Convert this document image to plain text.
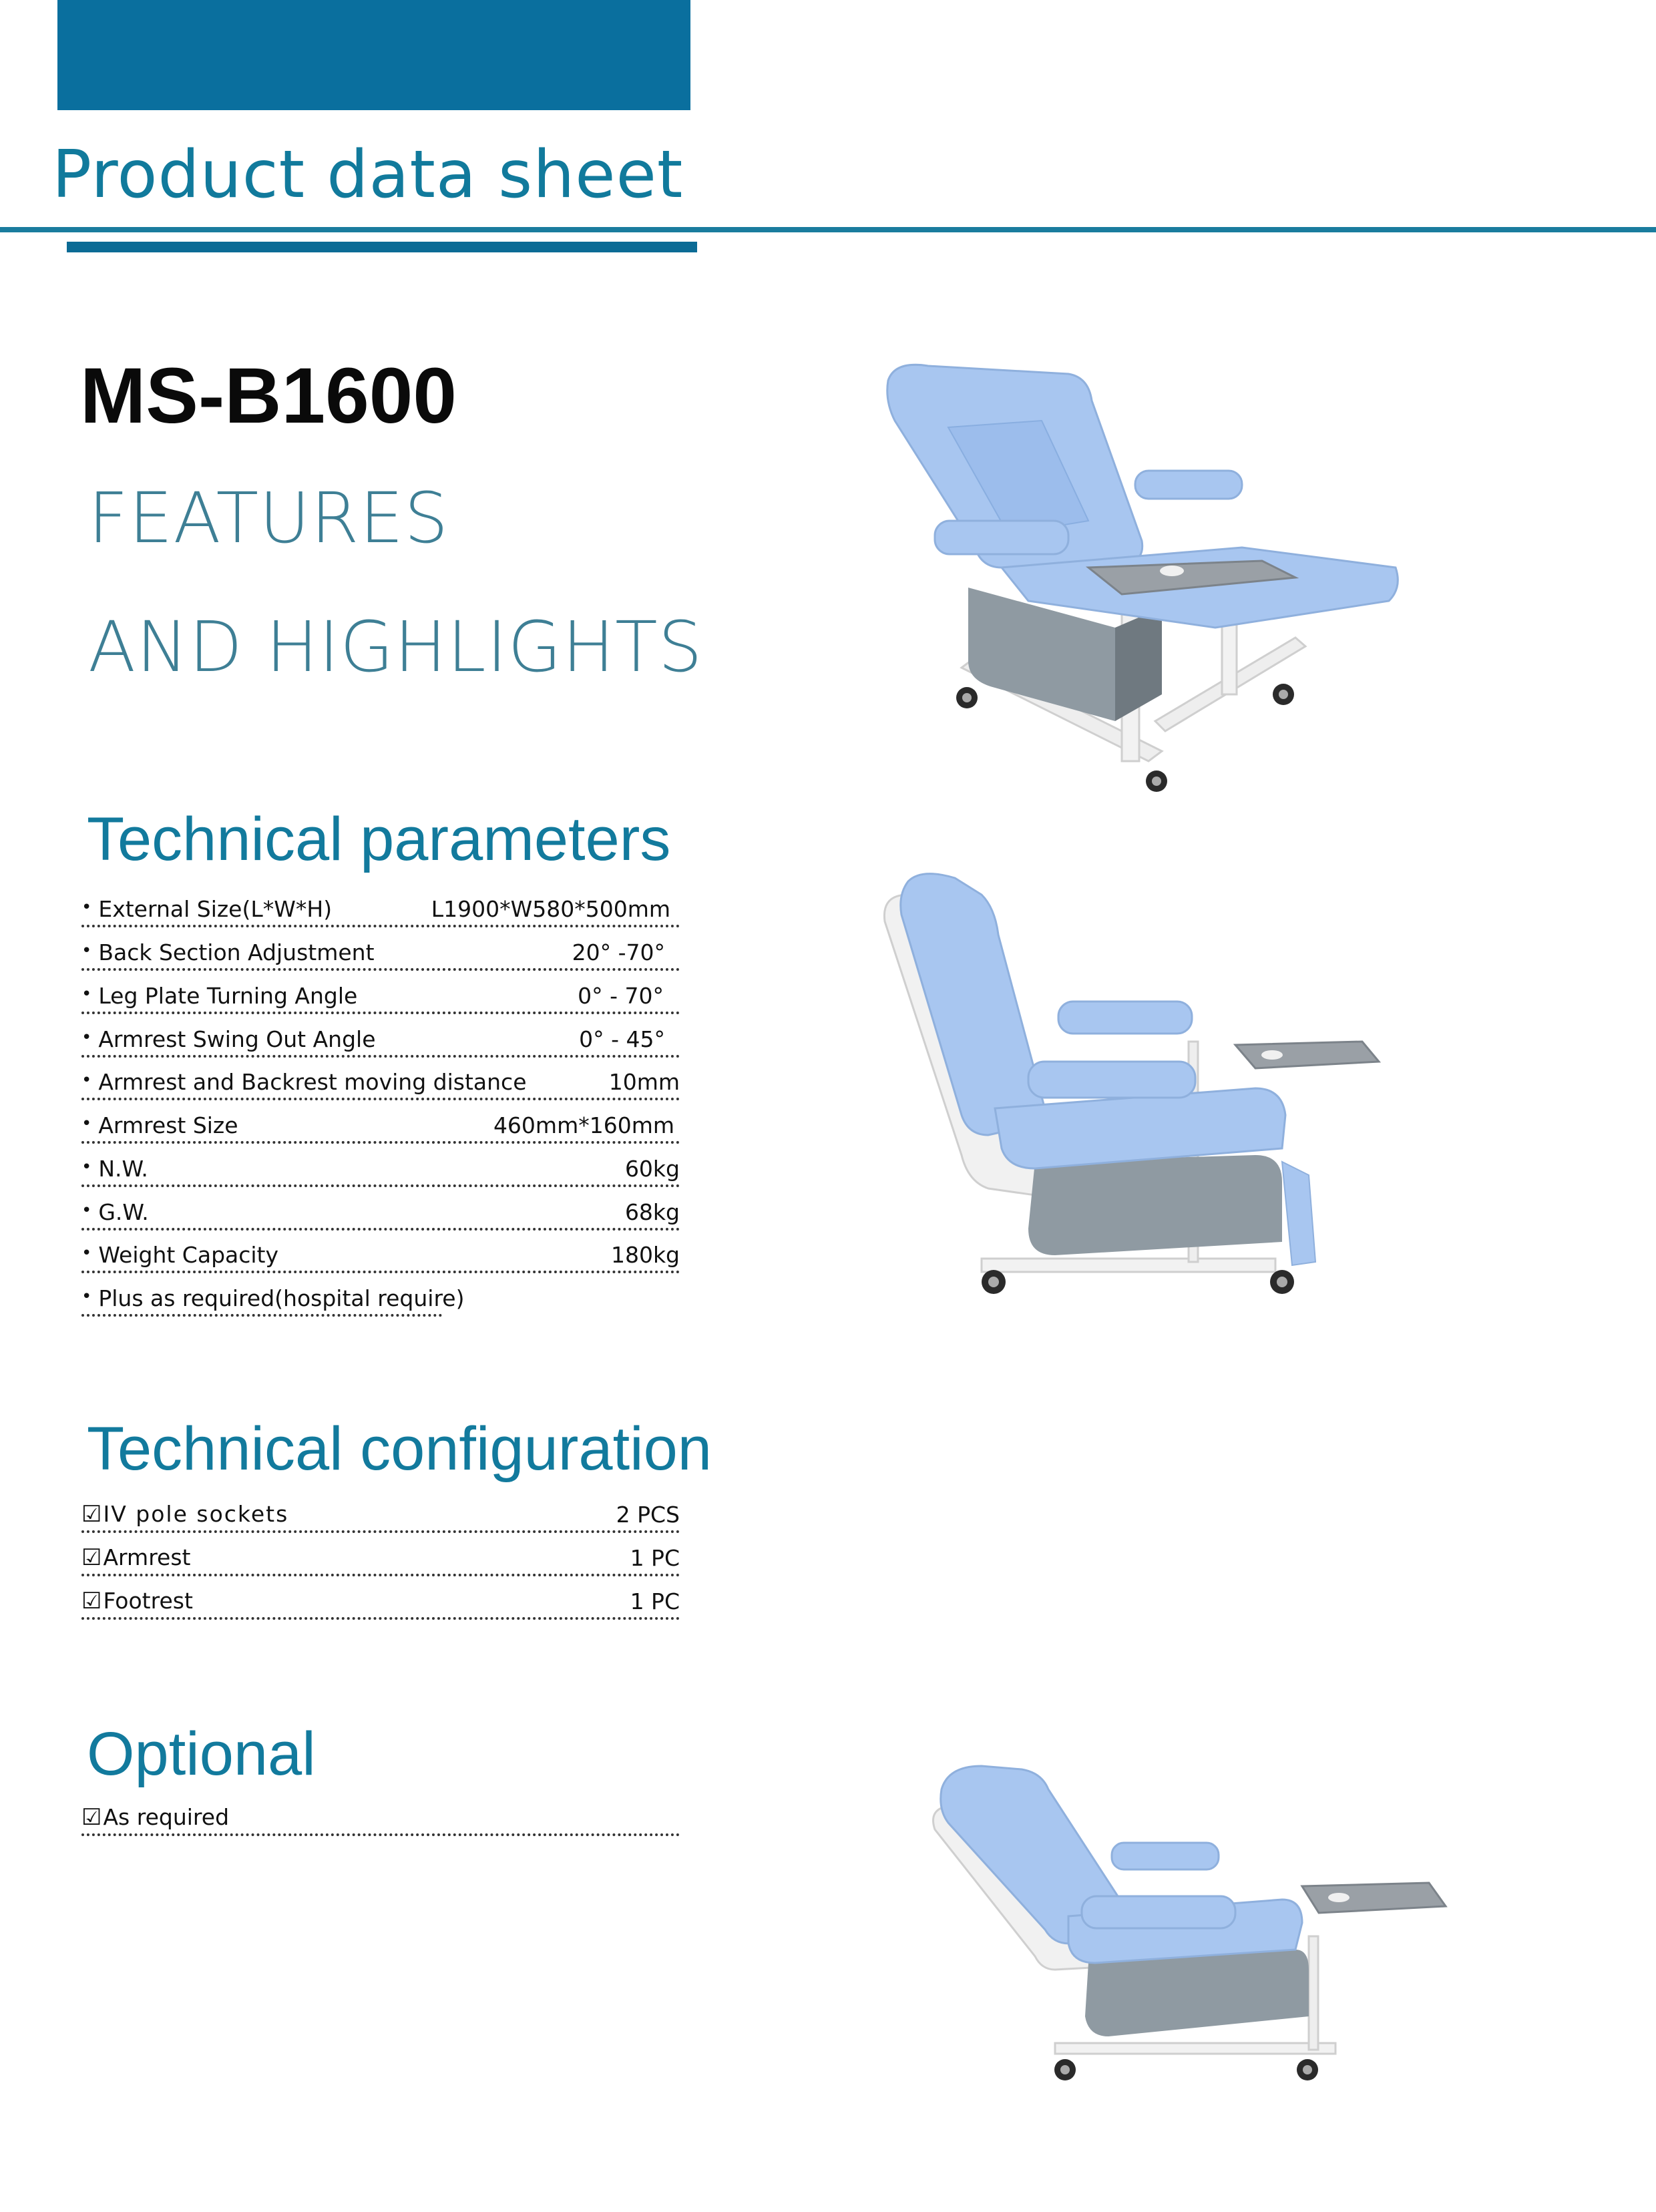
Product data sheet
MS-B1600
FEATURES
AND HIGHLIGHTS
Technical parameters
• External Size(L*W*H)	L1900*W580*500mm
• Back Section Adjustment	20° -70°
• Leg Plate Turning Angle	0° - 70°
• Armrest Swing Out Angle	0° - 45°
• Armrest and Backrest moving distance	10mm
• Armrest Size	460mm*160mm
• N.W.	60kg
• G.W.	68kg
• Weight Capacity	180kg
• Plus as required(hospital require)
Technical configuration
☑IV pole sockets	2 PCS
☑Armrest	1 PC
☑Footrest	1 PC
Optional
☑As required
